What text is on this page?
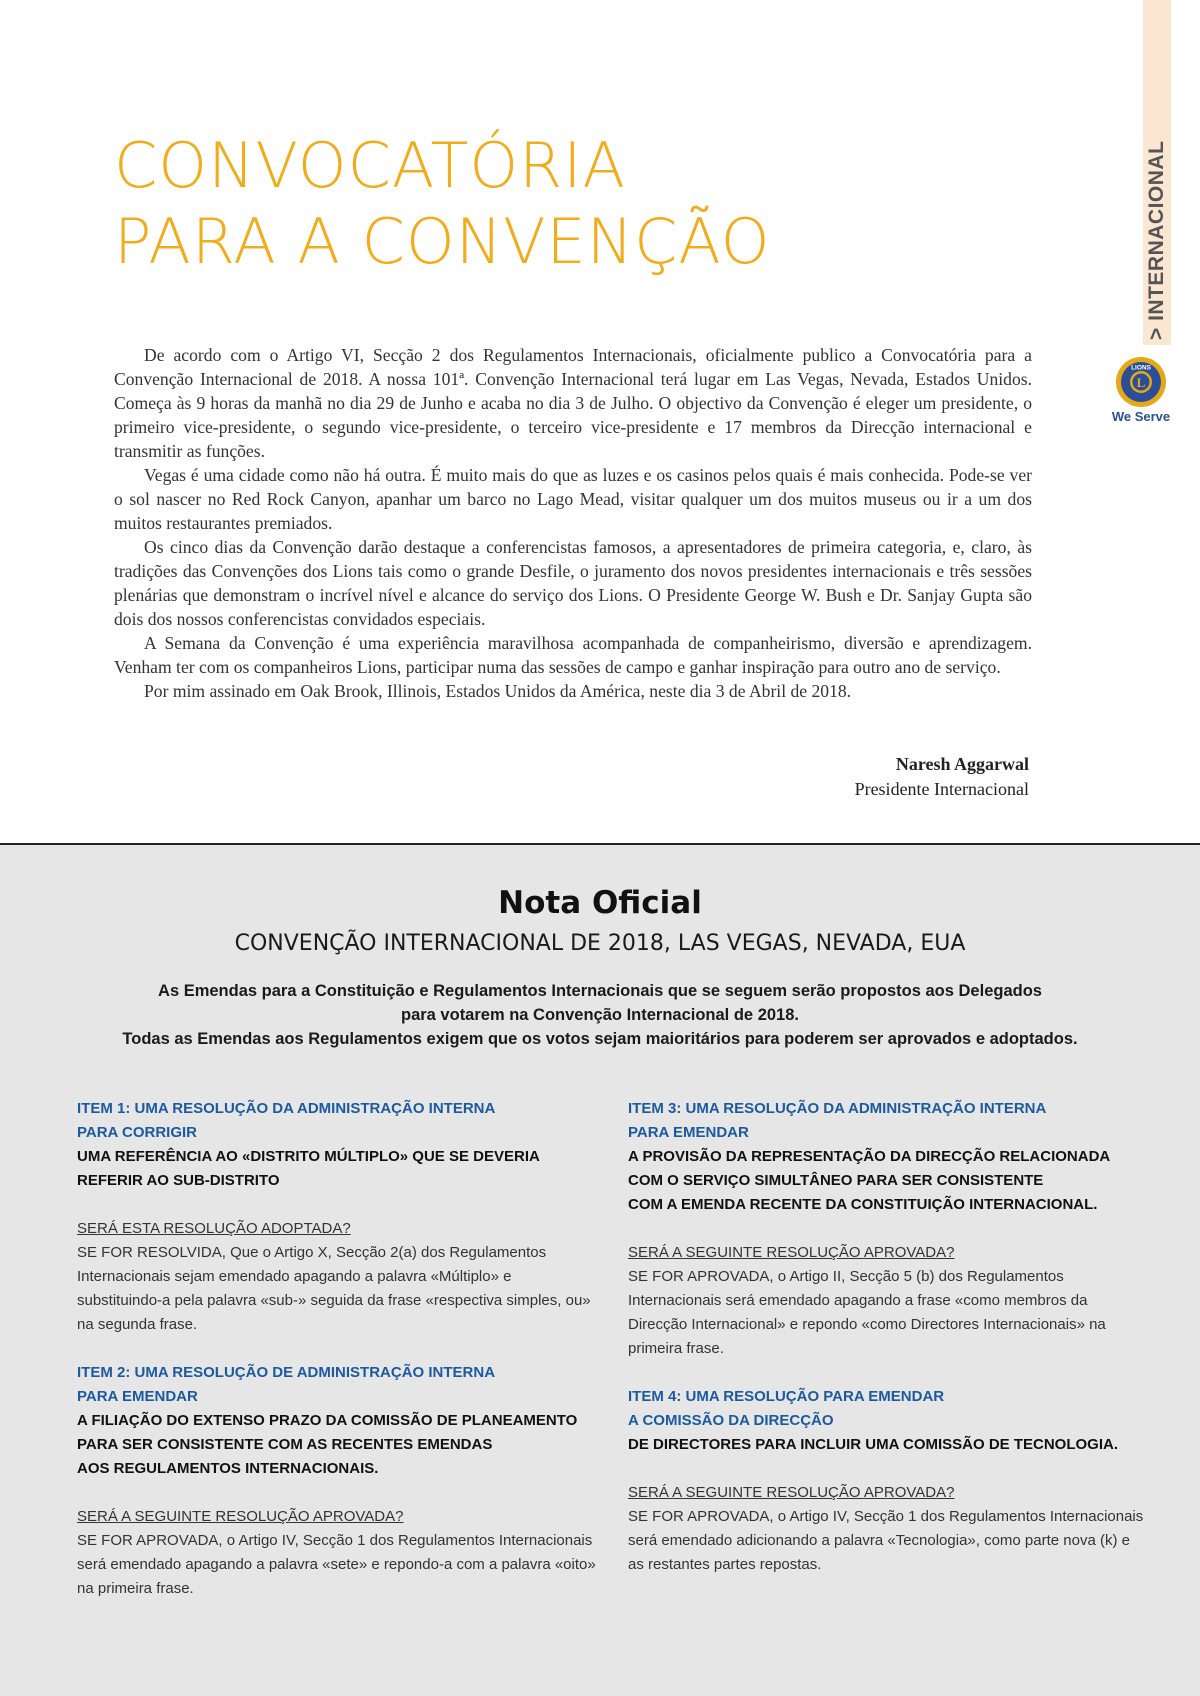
> INTERNACIONAL
L
LIONS
We Serve
CONVOCATÓRIA
PARA A CONVENÇÃO

De acordo com o Artigo VI, Secção 2 dos Regulamentos Internacionais, oficialmente publico a Convocatória para a Convenção Internacional de 2018. A nossa 101ª. Convenção Internacional terá lugar em Las Vegas, Nevada, Estados Unidos. Começa às 9 horas da manhã no dia 29 de Junho e acaba no dia 3 de Julho. O objectivo da Convenção é eleger um presidente, o primeiro vice-presidente, o segundo vice-presidente, o terceiro vice-presidente e 17 membros da Direcção internacional e transmitir as funções.

Vegas é uma cidade como não há outra. É muito mais do que as luzes e os casinos pelos quais é mais conhecida. Pode-se ver o sol nascer no Red Rock Canyon, apanhar um barco no Lago Mead, visitar qualquer um dos muitos museus ou ir a um dos muitos restaurantes premiados.

Os cinco dias da Convenção darão destaque a conferencistas famosos, a apresentadores de primeira categoria, e, claro, às tradições das Convenções dos Lions tais como o grande Desfile, o juramento dos novos presidentes internacionais e três sessões plenárias que demonstram o incrível nível e alcance do serviço dos Lions. O Presidente George W. Bush e Dr. Sanjay Gupta são dois dos nossos conferencistas convidados especiais.

A Semana da Convenção é uma experiência maravilhosa acompanhada de companheirismo, diversão e aprendizagem. Venham ter com os companheiros Lions, participar numa das sessões de campo e ganhar inspiração para outro ano de serviço.

Por mim assinado em Oak Brook, Illinois, Estados Unidos da América, neste dia 3 de Abril de 2018.

Naresh Aggarwal
Presidente Internacional
Nota Oficial
CONVENÇÃO INTERNACIONAL DE 2018, LAS VEGAS, NEVADA, EUA
As Emendas para a Constituição e Regulamentos Internacionais que se seguem serão propostos aos Delegados
para votarem na Convenção Internacional de 2018.
Todas as Emendas aos Regulamentos exigem que os votos sejam maioritários para poderem ser aprovados e adoptados.
ITEM 1: UMA RESOLUÇÃO DA ADMINISTRAÇÃO INTERNA
PARA CORRIGIR
UMA REFERÊNCIA AO «DISTRITO MÚLTIPLO» QUE SE DEVERIA
REFERIR AO SUB-DISTRITO
SERÁ ESTA RESOLUÇÃO ADOPTADA?
SE FOR RESOLVIDA, Que o Artigo X, Secção 2(a) dos Regulamentos Internacionais sejam emendado apagando a palavra «Múltiplo» e substituindo-a pela palavra «sub-» seguida da frase «respectiva simples, ou» na segunda frase.
ITEM 2: UMA RESOLUÇÃO DE ADMINISTRAÇÃO INTERNA
PARA EMENDAR
A FILIAÇÃO DO EXTENSO PRAZO DA COMISSÃO DE PLANEAMENTO
PARA SER CONSISTENTE COM AS RECENTES EMENDAS
AOS REGULAMENTOS INTERNACIONAIS.
SERÁ A SEGUINTE RESOLUÇÃO APROVADA?
SE FOR APROVADA, o Artigo IV, Secção 1 dos Regulamentos Internacionais será emendado apagando a palavra «sete» e repondo-a com a palavra «oito» na primeira frase.
ITEM 3: UMA RESOLUÇÃO DA ADMINISTRAÇÃO INTERNA
PARA EMENDAR
A PROVISÃO DA REPRESENTAÇÃO DA DIRECÇÃO RELACIONADA
COM O SERVIÇO SIMULTÂNEO PARA SER CONSISTENTE
COM A EMENDA RECENTE DA CONSTITUIÇÃO INTERNACIONAL.
SERÁ A SEGUINTE RESOLUÇÃO APROVADA?
SE FOR APROVADA, o Artigo II, Secção 5 (b) dos Regulamentos Internacionais será emendado apagando a frase «como membros da Direcção Internacional» e repondo «como Directores Internacionais» na primeira frase.
ITEM 4: UMA RESOLUÇÃO PARA EMENDAR
A COMISSÃO DA DIRECÇÃO
DE DIRECTORES PARA INCLUIR UMA COMISSÃO DE TECNOLOGIA.
SERÁ A SEGUINTE RESOLUÇÃO APROVADA?
SE FOR APROVADA, o Artigo IV, Secção 1 dos Regulamentos Internacionais será emendado adicionando a palavra «Tecnologia», como parte nova (k) e as restantes partes repostas.
